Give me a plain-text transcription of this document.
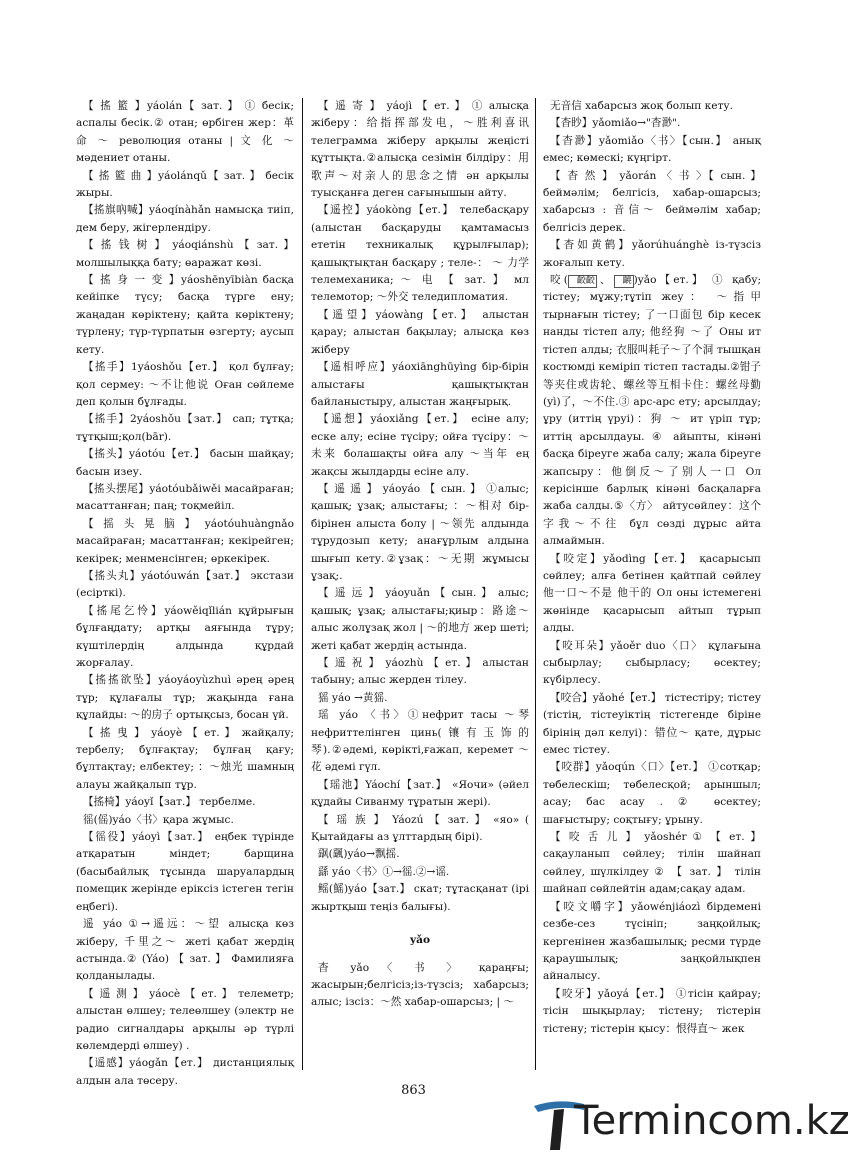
【 搖 籃 】yáolán【 зат. 】 ① бесік; аспалы бесік.② отан; өрбіген жер：革命 ～ революция отаны | 文 化 ～ мәдениет отаны.

【 搖 籃 曲 】yáolánqǔ【 зат. 】 бесік жыры.

【搖旗吶喊】yáoqínàhǎn намысқа тиіп, дем беру, жігерлендіру.

【 搖 钱 树 】 yáoqiánshù 【 зат. 】 молшылыққа бату; өаражат көзі.

【 搖 身 一 变 】yáoshēnyībiàn басқа кейіпке түсу; басқа түрге ену; жаңадан көріктену; қайта көріктену; түрлену; түр-түрпатын өзгерту; аусып кету.

【搖手】1yáoshǒu【ет.】 қол бұлғау; қол сермеу: ～不让他说 Оған сөйлеме деп қолын бұлғады.

【搖手】2yáoshǒu【зат.】 сап; тұтқа; тұтқыш;қол(bār).

【搖头】yáotóu【ет.】 басын шайқау; басын изеу.

【搖头摆尾】yáotóubǎiwěi масайраған; масаттанған; паң; тоқмейіл.

【 摇 头 晃 脑 】 yáotóuhuàngnǎo масайраған; масаттанған; кекірейген; кекірек; менменсінген; өркекірек.

【搖头丸】yáotóuwán【зат.】 экстази (есірткі).

【搖尾乞怜】yáowěiqǐlián құйрығын бұлғаңдату; артқы аяғында тұру; күштілердің алдында құрдай жорғалау.

【搖搖欲坠】yáoyáoyùzhuì әрең әрең тұр; құлағалы тұр; жақында ғана құлайды: ～的房子 ортықсыз, босан үй.

【 搖 曳 】 yáoyè 【 ет. 】 жайқалу; тербелу; бұлғақтау; бұлғаң қағу; бұлтақтау; елбектеу; ：～烛光 шамның алауы жайқалып тұр.

【搖椅】yáoyǐ【зат.】 тербелме.

徭(傜)yáo〈书〉қара жұмыс.

【徭役】yáoyì【зат.】 еңбек түрінде атқаратын міндет; барщина (басыбайлық тұсында шаруалардың помещик жерінде еріксіз істеген тегін еңбегі).

遥 yáo ①→遥远：～望 алысқа көз жіберу, 千里之～ жеті қабат жердің астында.② (Yáo) 【 зат. 】 Фамилияға қолданылады.

【 遥 测 】 yáocè 【 ет. 】 телеметр; алыстан өлшеу; телеөлшеу (электр не радио сигналдары арқылы әр түрлі көлемдерді өлшеу) .

【遥感】yáogǎn【ет.】 дистанциялық алдын ала төсеру.

【 遥 寄 】 yáojì 【 ет. 】 ① алысқа жіберу：给指挥部发电，～胜利喜讯 телеграмма жіберу арқылы жеңісті құттықта.②алысқа сезімін білдіру：用歌声～对亲人的思念之情 ән арқылы туысқанға деген сағынышын айту.

【遥控】yáokòng【ет.】 телебасқару (алыстан басқаруды қамтамасыз ететін техникалық құрылғылар); қашықтықтан басқару ; теле-： ～ 力学 телемеханика; ～ 电 【 зат. 】 мл телемотор; ～外交 теледипломатия.

【遥望】yáowàng【ет.】 алыстан қарау; алыстан бақылау; алысқа көз жіберу

【遥相呼应】yáoxiānghūyìng бір-бірін алыстағы қашықтықтан байланыстыру, алыстан жаңғырық.

【遥想】yáoxiǎng【ет.】 есіне алу; еске алу; есіне түсіру; ойға түсіру：～未来 болашақты ойға алу ～当年 ең жақсы жылдарды есіне алу.

【 遥 遥 】 yáoyáo 【 сын. 】 ①алыс; қашық; ұзақ; алыстағы; ：～相对 бір-бірінен алыста болу | ～领先 алдында тұрудозып кету; анағұрлым алдына шығып кету.②ұзақ：～无期 жұмысы ұзақ;.

【 遥 远 】 yáoyuǎn 【 сын. 】 алыс; қашық; ұзақ; алыстағы;қиыр：路途～ алыс жолұзақ жол | ～的地方 жер шеті; жеті қабат жердің астында.

【 遥 祝 】 yáozhù 【 ет. 】 алыстан табыну; алыс жерден тілеу.

猺 yáo →黄猺.

瑶 yáo 〈书〉①нефрит тасы ～琴 нефриттелінген цинь(镶有玉饰的琴).②әдемі, көрікті,ғажап, керемет ～花 әдемі гүл.

【瑶池】Yáochí【зат.】 «Яочи» (әйел құдайы Сиванму тұратын жері).

【 瑶 族 】 Yáozú 【 зат. 】 «яо» ( Қытайдағы аз ұлттардың бірі).

飖(颻)yáo→飘摇.

繇 yáo〈书〉①→徭.②→谣.

鳐(鰩)yáo【зат.】 скат; тұтасқанат (ірі жыртқыш теңіз балығы).

yǎo

杳 yǎo 〈 书 〉 қараңғы; жасырын;белгісіз;із-түзсіз; хабарсыз; алыс; ізсіз：～然 хабар-ошарсыз; | ～

无音信 хабарсыз жоқ болып кету.

【杳眇】yǎomiǎo→"杳渺".

【杳渺】yǎomiǎo〈书〉【сын.】 анық емес; көмескі; күңгірт.

【 杳 然 】 yǎorán 〈 书 〉【 сын. 】 беймәлім; белгісіз, хабар-ошарсыз; хабарсыз : 音信～ беймәлім хабар; белгісіз дерек.

【杳如黄鹤】yǎorúhuánghè із-түзсіз жоғалып кету.

咬( 齩齩 、 䶧 )yǎo【ет.】 ① қабу; тістеу; мұжу;тұтіп жеу： ～指甲 тырнағын тістеу; 了一口面包 бір кесек нанды тістеп алу; 他经狗 ～了 Оны ит тістеп алды; 衣服叫耗子～了个洞 тышқан костюмді кеміріп тістеп тастады.②钳子等夹住或齿轮、螺丝等互相卡住：螺丝母勤(yì)了，～不住.③ арс-арс ету; арсылдау; ұру (иттің үруі)：狗 ～ ит үріп тұр; иттің арсылдауы. ④ айыпты, кінәні басқа біреуге жаба салу; жала біреуге жапсыру：他倒反～了别人一口 Ол керісінше барлық кінәні басқаларға жаба салды.⑤〈方〉 айтусөйлеу：这个字我～不往 бұл сөзді дұрыс айта алмаймын.

【咬定】yǎodìng【ет.】 қасарысып сөйлеу; алға бетінен қайтпай сөйлеу 他一口～不是 他干的 Ол оны істемегені жөнінде қасарысып айтып тұрып алды.

【咬耳朵】yǎoěr duo〈口〉 құлағына сыбырлау; сыбырласу; өсектеу; күбірлесу.

【咬合】yǎohé【ет.】 тістестіру; тістеу (тістің, тістеуіктің тістегенде біріне бірінің дәл келуі)：错位～ қате, дұрыс емес тістеу.

【咬群】yǎoqún〈口〉【ет.】 ①сотқар; төбелескіш; төбелесқой; арыншыл; асау; бас асау . ② өсектеу; шағыстыру; соқтығу; ұрыну.

【 咬 舌 儿 】 yǎoshér ① 【 ет. 】 сақауланып сөйлеу; тілін шайнап сөйлеу, шүлкілдеу ② 【 зат. 】 тілін шайнап сөйлейтін адам;сақау адам.

【咬文嚼字】yǎowénjiáozì бірдемені сезбе-сез түсініп; заңқойлық; кергенінен жазбашылық; ресми түрде қараушылық; заңқойлықпен айналысу.

【咬牙】yǎoyá【ет.】 ①тісін қайрау; тісін шықырлау; тістену; тістерін тістену; тістерін қысу：恨得直～ жек

863
Termincom.kz
